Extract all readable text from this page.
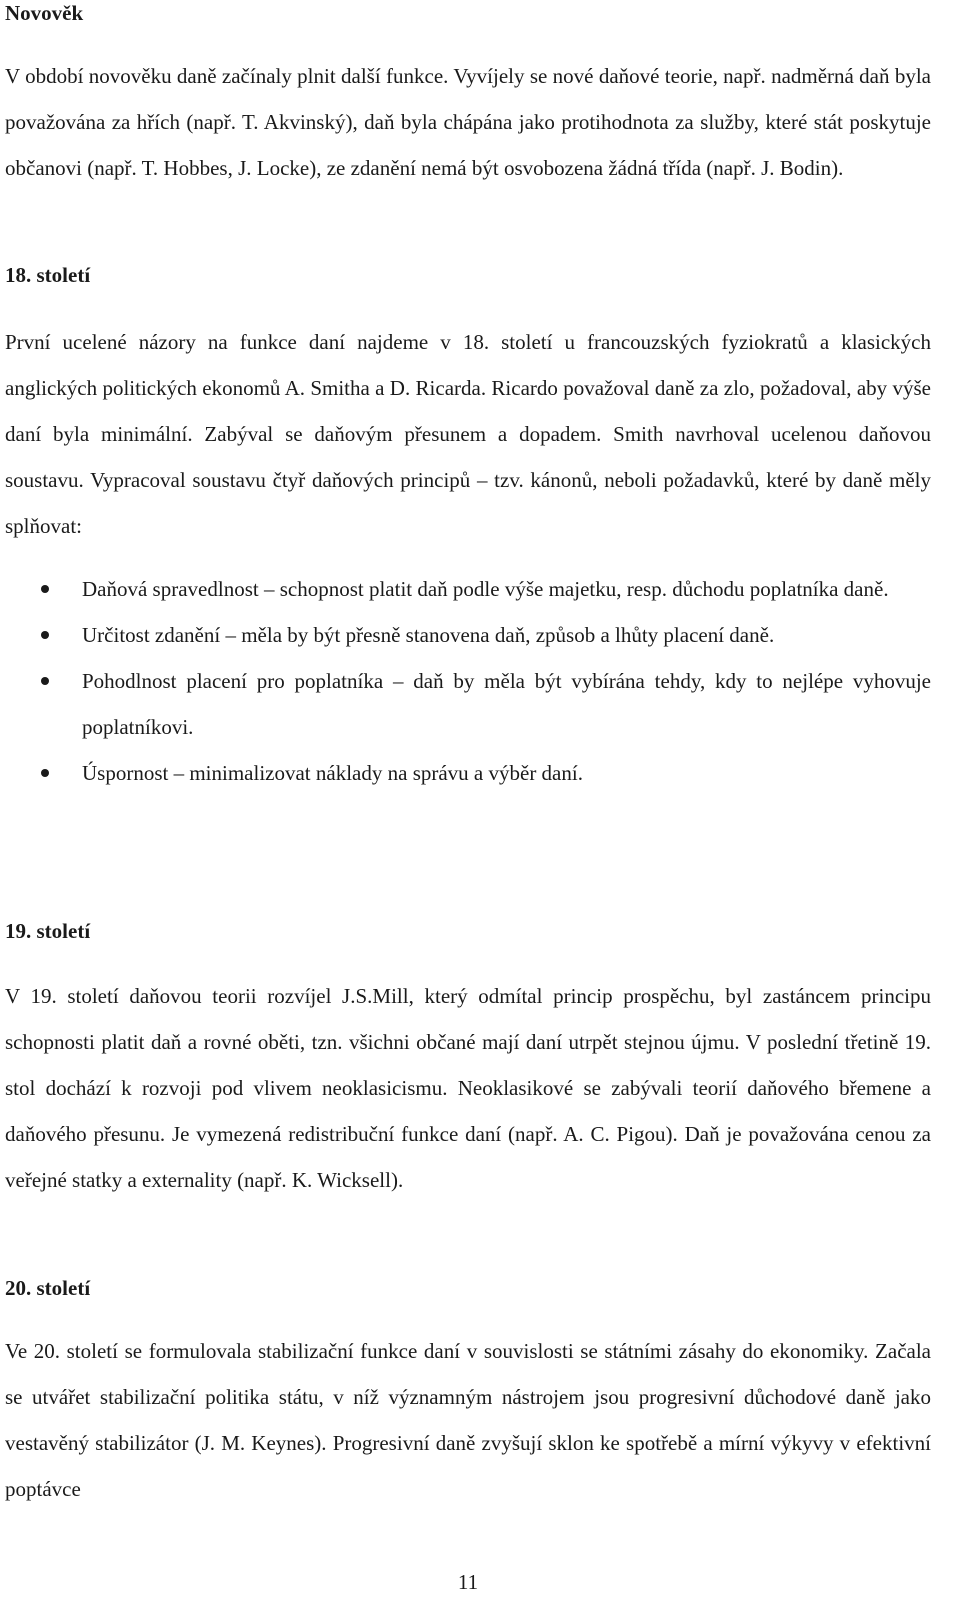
Novověk

V období novověku daně začínaly plnit další funkce. Vyvíjely se nové daňové teorie, např. nadměrná daň byla považována za hřích (např. T. Akvinský), daň byla chápána jako protihodnota za služby, které stát poskytuje občanovi (např. T. Hobbes, J. Locke), ze zdanění nemá být osvobozena žádná třída (např. J. Bodin).

18. století

První ucelené názory na funkce daní najdeme v 18. století u francouzských fyziokratů a klasických anglických politických ekonomů A. Smitha a D. Ricarda. Ricardo považoval daně za zlo, požadoval, aby výše daní byla minimální. Zabýval se daňovým přesunem a dopadem. Smith navrhoval ucelenou daňovou soustavu. Vypracoval soustavu čtyř daňových principů – tzv. kánonů, neboli požadavků, které by daně měly splňovat:

Daňová spravedlnost – schopnost platit daň podle výše majetku, resp. důchodu poplatníka daně.
Určitost zdanění – měla by být přesně stanovena daň, způsob a lhůty placení daně.
Pohodlnost placení pro poplatníka – daň by měla být vybírána tehdy, kdy to nejlépe vyhovuje poplatníkovi.
Úspornost – minimalizovat náklady na správu a výběr daní.
19. století

V 19. století daňovou teorii rozvíjel J.S.Mill, který odmítal princip prospěchu, byl zastáncem principu schopnosti platit daň a rovné oběti, tzn. všichni občané mají daní utrpět stejnou újmu. V poslední třetině 19. stol dochází k rozvoji pod vlivem neoklasicismu. Neoklasikové se zabývali teorií daňového břemene a daňového přesunu. Je vymezená redistribuční funkce daní (např. A. C. Pigou). Daň je považována cenou za veřejné statky a externality (např. K. Wicksell).

20. století

Ve 20. století se formulovala stabilizační funkce daní v souvislosti se státními zásahy do ekonomiky. Začala se utvářet stabilizační politika státu, v níž významným nástrojem jsou progresivní důchodové daně jako vestavěný stabilizátor (J. M. Keynes). Progresivní daně zvyšují sklon ke spotřebě a mírní výkyvy v efektivní poptávce

11
